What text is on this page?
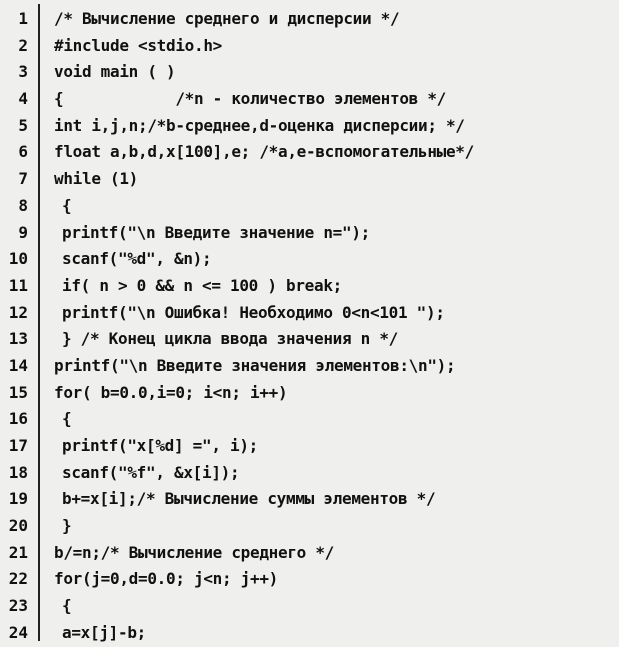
1 /* Вычисление среднего и дисперсии */
2 #include <stdio.h>
3 void main ( )
4 {            /*n - количество элементов */
5 int i,j,n;/*b-среднее,d-оценка дисперсии; */
6 float a,b,d,x[100],e; /*a,e-вспомогательные*/
7 while (1)
8 {
9 printf("\n Введите значение n=");
10 scanf("%d", &n);
11 if( n > 0 && n <= 100 ) break;
12 printf("\n Ошибка! Необходимо 0<n<101 ");
13 } /* Конец цикла ввода значения n */
14 printf("\n Введите значения элементов:\n");
15 for( b=0.0,i=0; i<n; i++)
16 {
17 printf("x[%d] =", i);
18 scanf("%f", &x[i]);
19 b+=x[i];/* Вычисление суммы элементов */
20 }
21 b/=n;/* Вычисление среднего */
22 for(j=0,d=0.0; j<n; j++)
23 {
24 a=x[j]-b;
